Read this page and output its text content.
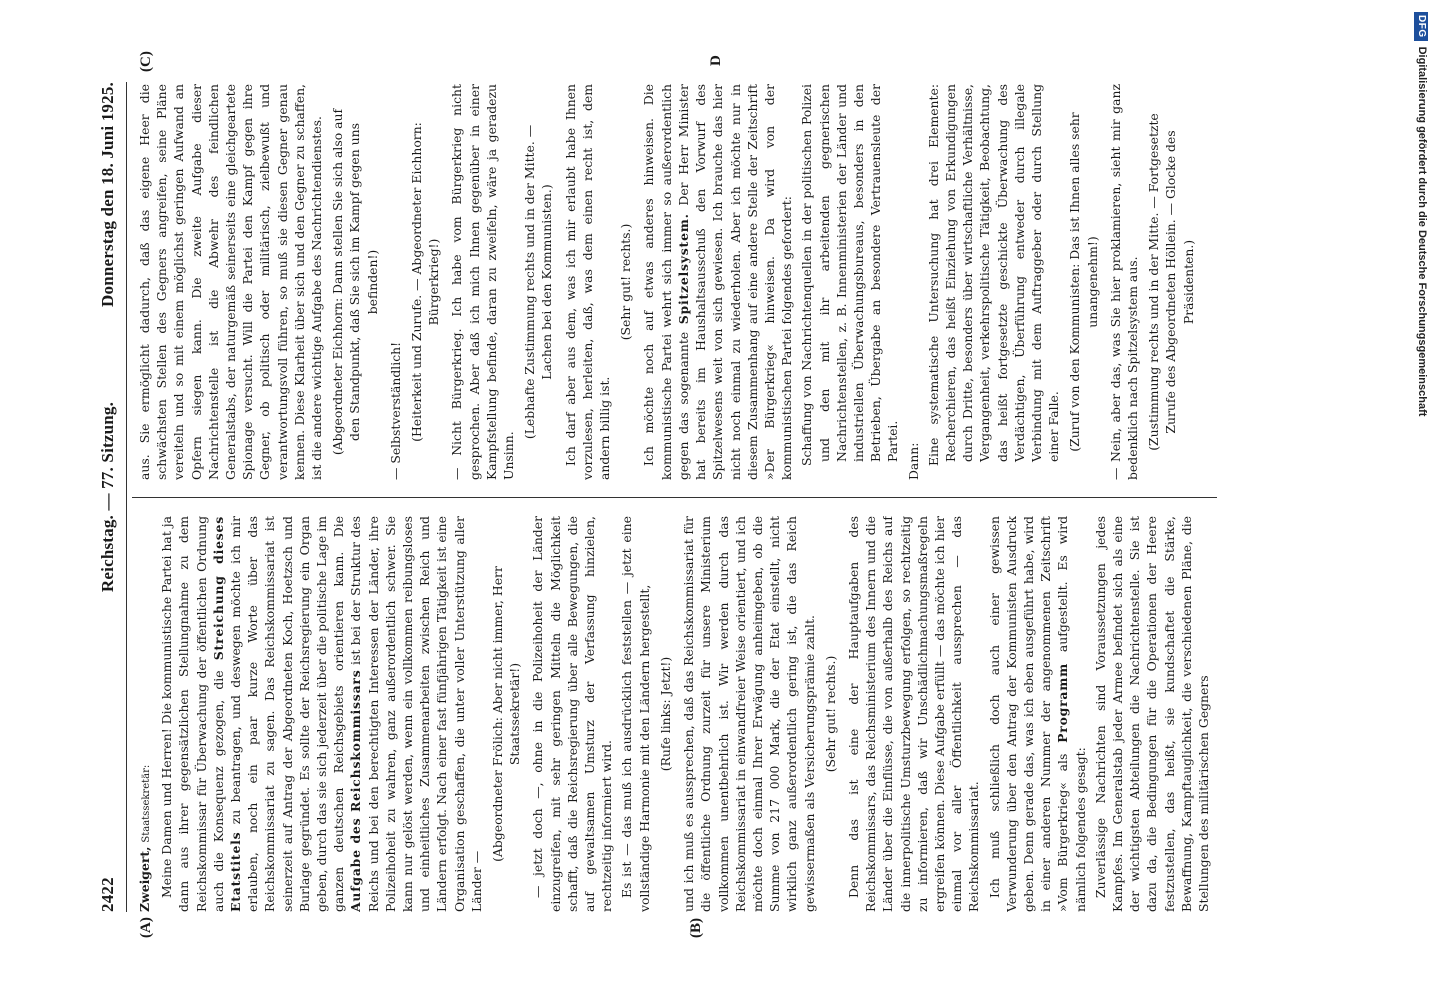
2422
Reichstag. — 77. Sitzung.
Donnerstag den 18. Juni 1925.
(A)	(B)
(C)	D

Zweigert, Staatssekretär: Meine Damen und Herren! Die kommunistische Partei hat ja dann aus ihrer gegensätzlichen Stellungnahme zu dem Reichskommissar für Überwachung der öffentlichen Ordnung auch die Konsequenz gezogen, die Streichung dieses Etatstitels zu beantragen, und deswegen möchte ich mir erlauben, noch ein paar kurze Worte über das Reichskommissariat zu sagen. Das Reichskommissariat ist seinerzeit auf Antrag der Abgeordneten Koch, Hoetzsch und Burlage gegründet. Es sollte der Reichsregierung ein Organ geben, durch das sie sich jederzeit über die politische Lage im ganzen deutschen Reichsgebiets orientieren kann. Die Aufgabe des Reichskommissars ist bei der Struktur des Reichs und bei den berechtigten Interessen der Länder, ihre Polizeihoheit zu wahren, ganz außerordentlich schwer. Sie kann nur gelöst werden, wenn ein vollkommen reibungsloses und einheitliches Zusammenarbeiten zwischen Reich und Ländern erfolgt. Nach einer fast fünfjährigen Tätigkeit ist eine Organisation geschaffen, die unter voller Unterstützung aller Länder —

(Abgeordneter Frölich: Aber nicht immer, Herr Staatssekretär!) — jetzt doch —, ohne in die Polizeihoheit der Länder einzugreifen, mit sehr geringen Mitteln die Möglichkeit schafft, daß die Reichsregierung über alle Bewegungen, die auf gewaltsamen Umsturz der Verfassung hinzielen, rechtzeitig informiert wird. Es ist — das muß ich ausdrücklich feststellen — jetzt eine vollständige Harmonie mit den Ländern hergestellt, (Rufe links: Jetzt!) und ich muß es aussprechen, daß das Reichskommissariat für die öffentliche Ordnung zurzeit für unsere Ministerium vollkommen unentbehrlich ist. Wir werden durch das Reichskommissariat in einwandfreier Weise orientiert, und ich möchte doch einmal Ihrer Erwägung anheimgeben, ob die Summe von 217 000 Mark, die der Etat einstellt, nicht wirklich ganz außerordentlich gering ist, die das Reich gewissermaßen als Versicherungsprämie zahlt. (Sehr gut! rechts.) Denn das ist eine der Hauptaufgaben des Reichskommissars, das Reichsministerium des Innern und die Länder über die Einflüsse, die von außerhalb des Reichs auf die innerpolitische Umsturzbewegung erfolgen, so rechtzeitig zu informieren, daß wir Unschädlichmachungsmaßregeln ergreifen können. Diese Aufgabe erfüllt — das möchte ich hier einmal vor aller Öffentlichkeit aussprechen — das Reichskommissariat. Ich muß schließlich doch auch einer gewissen Verwunderung über den Antrag der Kommunisten Ausdruck geben. Denn gerade das, was ich eben ausgeführt habe, wird in einer anderen Nummer der angenommenen Zeitschrift »Vom Bürgerkrieg« als Programm aufgestellt. Es wird nämlich folgendes gesagt: Zuverlässige Nachrichten sind Voraussetzungen jedes Kampfes. Im Generalstab jeder Armee befindet sich als eine der wichtigsten Abteilungen die Nachrichtenstelle. Sie ist dazu da, die Bedingungen für die Operationen der Heere festzustellen, das heißt, sie kundschaftet die Stärke, Bewaffnung, Kampftauglichkeit, die verschiedenen Pläne, die Stellungen des militärischen Gegners

aus. Sie ermöglicht dadurch, daß das eigene Heer die schwächsten Stellen des Gegners angreifen, seine Pläne vereiteln und so mit einem möglichst geringen Aufwand an Opfern siegen kann. Die zweite Aufgabe dieser Nachrichtenstelle ist die Abwehr des feindlichen Generalstabs, der naturgemäß seinerseits eine gleichgeartete Spionage versucht. Will die Partei den Kampf gegen ihre Gegner, ob politisch oder militärisch, zielbewußt und verantwortungsvoll führen, so muß sie diesen Gegner genau kennen. Diese Klarheit über sich und den Gegner zu schaffen, ist die andere wichtige Aufgabe des Nachrichtendienstes. (Abgeordneter Eichhorn: Dann stellen Sie sich also auf den Standpunkt, daß Sie sich im Kampf gegen uns befinden!)

— Selbstverständlich! (Heiterkeit und Zurufe. — Abgeordneter Eichhorn: Bürgerkrieg!) — Nicht Bürgerkrieg. Ich habe vom Bürgerkrieg nicht gesprochen. Aber daß ich mich Ihnen gegenüber in einer Kampfstellung befinde, daran zu zweifeln, wäre ja geradezu Unsinn.

(Lebhafte Zustimmung rechts und in der Mitte. — Lachen bei den Kommunisten.) Ich darf aber aus dem, was ich mir erlaubt habe Ihnen vorzulesen, herleiten, daß, was dem einen recht ist, dem andern billig ist.

(Sehr gut! rechts.) Ich möchte noch auf etwas anderes hinweisen. Die kommunistische Partei wehrt sich immer so außerordentlich gegen das sogenannte Spitzelsystem. Der Herr Minister hat bereits im Haushaltsausschuß den Vorwurf des Spitzelwesens weit von sich gewiesen. Ich brauche das hier nicht noch einmal zu wiederholen. Aber ich möchte nur in diesem Zusammenhang auf eine andere Stelle der Zeitschrift »Der Bürgerkrieg« hinweisen. Da wird von der kommunistischen Partei folgendes gefordert: Schaffung von Nachrichtenquellen in der politischen Polizei und den mit ihr arbeitenden gegnerischen Nachrichtenstellen, z. B. Innenministerien der Länder und industriellen Überwachungsbureaus, besonders in den Betrieben, Übergabe an besondere Vertrauensleute der Partei. Dann: Eine systematische Untersuchung hat drei Elemente: Recherchieren, das heißt Einziehung von Erkundigungen durch Dritte, besonders über wirtschaftliche Verhältnisse, Vergangenheit, verkehrspolitische Tätigkeit, Beobachtung, das heißt fortgesetzte geschickte Überwachung des Verdächtigen, Überführung entweder durch illegale Verbindung mit dem Auftraggeber oder durch Stellung einer Falle. (Zuruf von den Kommunisten: Das ist Ihnen alles sehr unangenehm!) — Nein, aber das, was Sie hier proklamieren, sieht mir ganz bedenklich nach Spitzelsystem aus. (Zustimmung rechts und in der Mitte. — Fortgesetzte Zurufe des Abgeordneten Höllein. — Glocke des Präsidenten.)

DFGDigitalisierung gefördert durch die Deutsche Forschungsgemeinschaft
